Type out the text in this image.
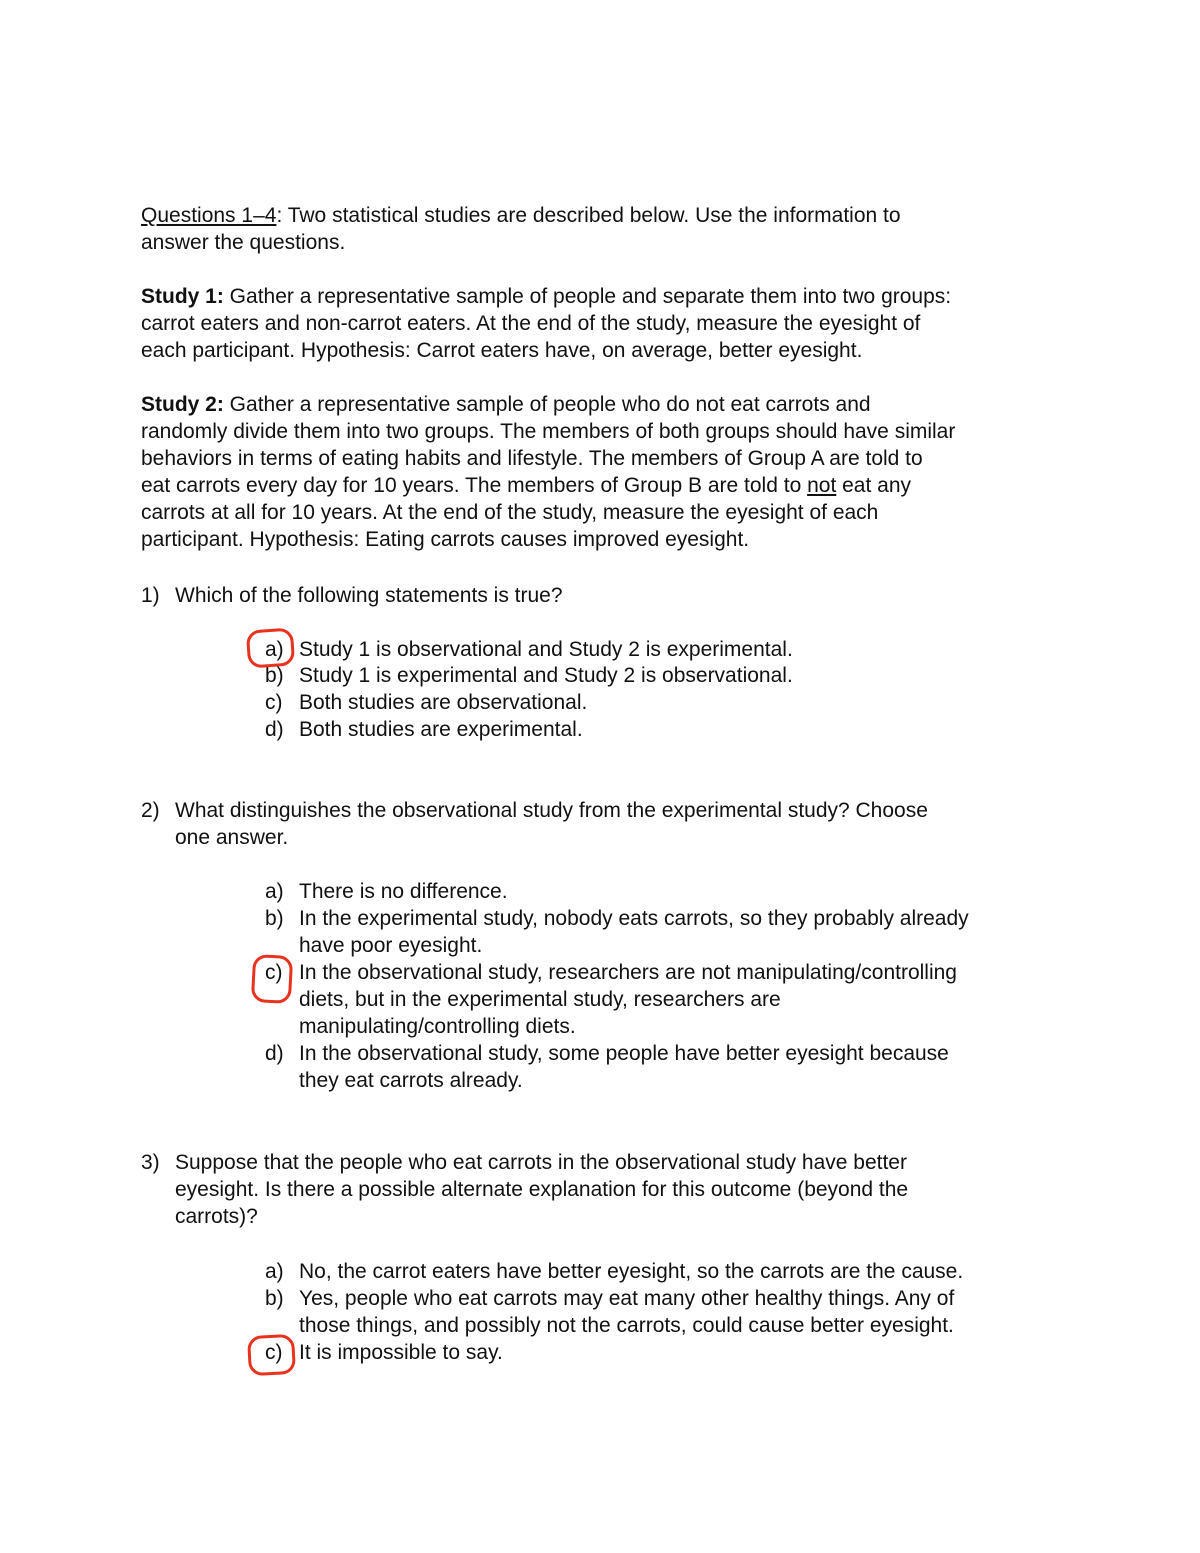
Questions 1–4: Two statistical studies are described below. Use the information to
answer the questions.
Study 1: Gather a representative sample of people and separate them into two groups:
carrot eaters and non-carrot eaters. At the end of the study, measure the eyesight of
each participant. Hypothesis: Carrot eaters have, on average, better eyesight.
Study 2: Gather a representative sample of people who do not eat carrots and
randomly divide them into two groups. The members of both groups should have similar
behaviors in terms of eating habits and lifestyle. The members of Group A are told to
eat carrots every day for 10 years. The members of Group B are told to not eat any
carrots at all for 10 years. At the end of the study, measure the eyesight of each
participant. Hypothesis: Eating carrots causes improved eyesight.
1) Which of the following statements is true?
a) Study 1 is observational and Study 2 is experimental.
b) Study 1 is experimental and Study 2 is observational.
c) Both studies are observational.
d) Both studies are experimental.
2) What distinguishes the observational study from the experimental study? Choose
one answer.
a) There is no difference.
b) In the experimental study, nobody eats carrots, so they probably already
have poor eyesight.
c) In the observational study, researchers are not manipulating/controlling
diets, but in the experimental study, researchers are
manipulating/controlling diets.
d) In the observational study, some people have better eyesight because
they eat carrots already.
3) Suppose that the people who eat carrots in the observational study have better
eyesight. Is there a possible alternate explanation for this outcome (beyond the
carrots)?
a) No, the carrot eaters have better eyesight, so the carrots are the cause.
b) Yes, people who eat carrots may eat many other healthy things. Any of
those things, and possibly not the carrots, could cause better eyesight.
c) It is impossible to say.
